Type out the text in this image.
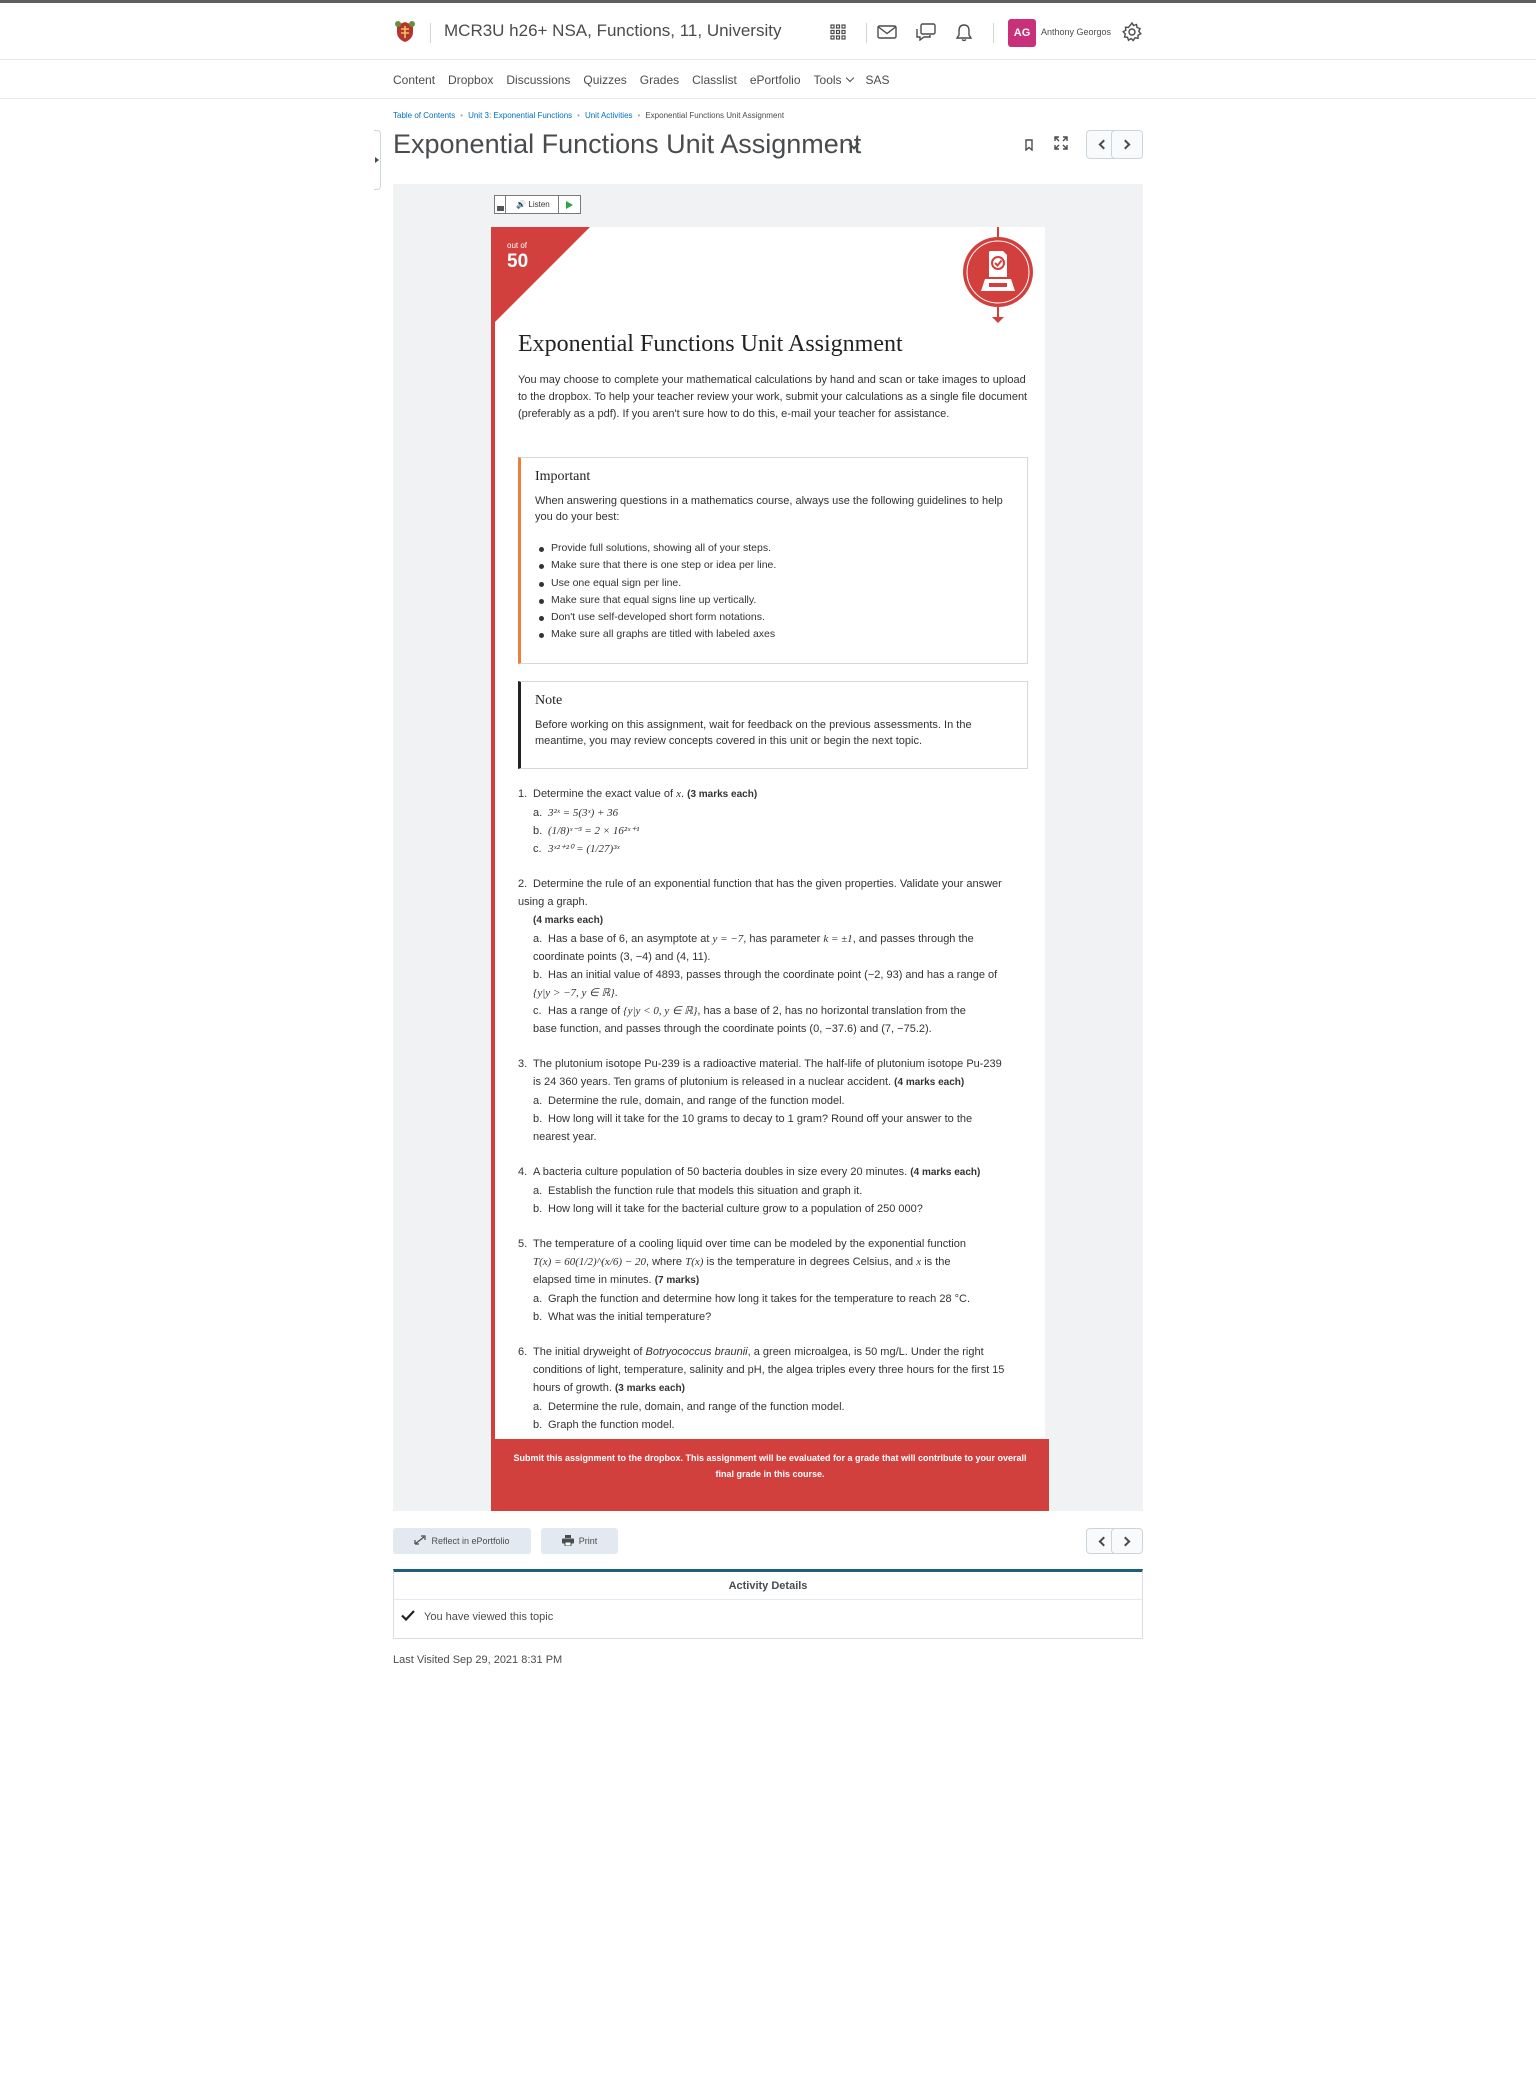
MCR3U h26+ NSA, Functions, 11, University	AG	Anthony Georgos
Content Dropbox Discussions Quizzes Grades Classlist ePortfolio Tools	SAS
Table of Contents • Unit 3: Exponential Functions • Unit Activities • Exponential Functions Unit Assignment
Exponential Functions Unit Assignment
🔊 Listen
out of
50
Exponential Functions Unit Assignment
You may choose to complete your mathematical calculations by hand and scan or take images to upload to the dropbox. To help your teacher review your work, submit your calculations as a single file document (preferably as a pdf). If you aren't sure how to do this, e-mail your teacher for assistance.
Important

When answering questions in a mathematics course, always use the following guidelines to help you do your best:

Provide full solutions, showing all of your steps.
Make sure that there is one step or idea per line.
Use one equal sign per line.
Make sure that equal signs line up vertically.
Don't use self-developed short form notations.
Make sure all graphs are titled with labeled axes
Note

Before working on this assignment, wait for feedback on the previous assessments. In the meantime, you may review concepts covered in this unit or begin the next topic.

1. Determine the exact value of x. (3 marks each)
a. 3²ˣ = 5(3ˣ) + 36
b. (1/8)ˣ⁻³ = 2 × 16²ˣ⁺¹
c. 3ˣ²⁺²⁰ = (1/27)³ˣ
2. Determine the rule of an exponential function that has the given properties. Validate your answer using a graph.
(4 marks each)
a. Has a base of 6, an asymptote at y = −7, has parameter k = ±1, and passes through the
coordinate points (3, −4) and (4, 11).
b. Has an initial value of 4893, passes through the coordinate point (−2, 93) and has a range of
{y|y > −7, y ∈ ℝ}.
c. Has a range of {y|y < 0, y ∈ ℝ}, has a base of 2, has no horizontal translation from the
base function, and passes through the coordinate points (0, −37.6) and (7, −75.2).
3. The plutonium isotope Pu-239 is a radioactive material. The half-life of plutonium isotope Pu-239
is 24 360 years. Ten grams of plutonium is released in a nuclear accident. (4 marks each)
a. Determine the rule, domain, and range of the function model.
b. How long will it take for the 10 grams to decay to 1 gram? Round off your answer to the
nearest year.
4. A bacteria culture population of 50 bacteria doubles in size every 20 minutes. (4 marks each)
a. Establish the function rule that models this situation and graph it.
b. How long will it take for the bacterial culture grow to a population of 250 000?
5. The temperature of a cooling liquid over time can be modeled by the exponential function
T(x) = 60(1/2)^(x/6) − 20, where T(x) is the temperature in degrees Celsius, and x is the
elapsed time in minutes. (7 marks)
a. Graph the function and determine how long it takes for the temperature to reach 28 °C.
b. What was the initial temperature?
6. The initial dryweight of Botryococcus braunii, a green microalgea, is 50 mg/L. Under the right
conditions of light, temperature, salinity and pH, the algea triples every three hours for the first 15
hours of growth. (3 marks each)
a. Determine the rule, domain, and range of the function model.
b. Graph the function model.
Submit this assignment to the dropbox. This assignment will be evaluated for a grade that will contribute to your overall final grade in this course.
Reflect in ePortfolio	Print
Activity Details
You have viewed this topic
Last Visited Sep 29, 2021 8:31 PM
